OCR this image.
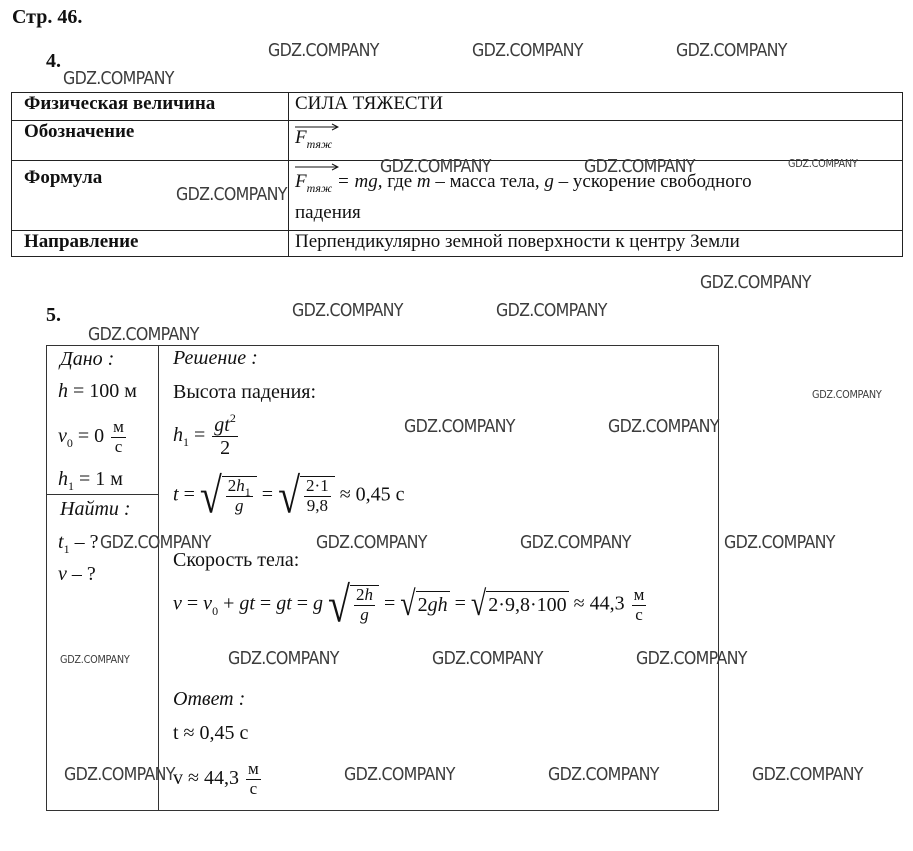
Стр. 46.
4.
Физическая величина	СИЛА ТЯЖЕСТИ
Обозначение	$F_{тяж}$
Формула	$F_{тяж}$ = mg, где m – масса тела, g – ускорение свободного
падения
Направление	Перпендикулярно земной поверхности к центру Земли
5.
Дано :
h = 100 м
$v_0 = 0 \frac{м}{с}$
$h_1 = 1$ м
Найти :
$t_1$ – ?
v – ?
Решение :
Высота падения:
$h_1 = \frac{gt^2}{2}$
t = √ $\frac{2h_1}{g}$ = √ $\frac{2\cdot 1}{9,8} \approx 0,45$ с
Скорость тела:
$v = v_0$ + gt = gt = g √ $\frac{2h}{g}$ = √ 2 gh = √ $2\cdot 9,8\cdot 100 \approx 44,3 \frac{м}{с}$
Ответ :
t ≈ 0,45 с
$v \approx 44,3 \frac{м}{с}$
GDZ.COMPANY	GDZ.COMPANY	GDZ.COMPANY
GDZ.COMPANY
GDZ.COMPANY	GDZ.COMPANY	GDZ.COMPANY
GDZ.COMPANY
GDZ.COMPANY
GDZ.COMPANY	GDZ.COMPANY
GDZ.COMPANY
GDZ.COMPANY
GDZ.COMPANY	GDZ.COMPANY
GDZ.COMPANY	GDZ.COMPANY	GDZ.COMPANY	GDZ.COMPANY
GDZ.COMPANY	GDZ.COMPANY	GDZ.COMPANY	GDZ.COMPANY
GDZ.COMPANY	GDZ.COMPANY	GDZ.COMPANY	GDZ.COMPANY
